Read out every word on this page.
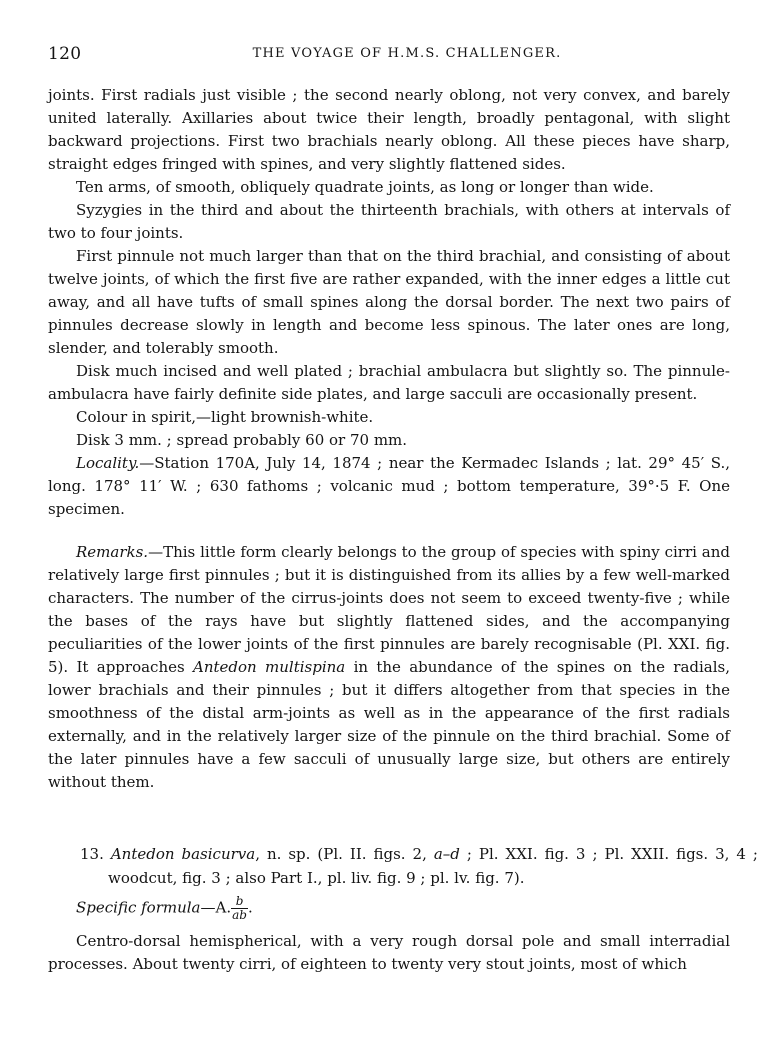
120	THE VOYAGE OF H.M.S. CHALLENGER.

joints. First radials just visible ; the second nearly oblong, not very convex, and barely united laterally. Axillaries about twice their length, broadly pentagonal, with slight backward projections. First two brachials nearly oblong. All these pieces have sharp, straight edges fringed with spines, and very slightly flattened sides.

Ten arms, of smooth, obliquely quadrate joints, as long or longer than wide.

Syzygies in the third and about the thirteenth brachials, with others at intervals of two to four joints.

First pinnule not much larger than that on the third brachial, and consisting of about twelve joints, of which the first five are rather expanded, with the inner edges a little cut away, and all have tufts of small spines along the dorsal border. The next two pairs of pinnules decrease slowly in length and become less spinous. The later ones are long, slender, and tolerably smooth.

Disk much incised and well plated ; brachial ambulacra but slightly so. The pinnule-ambulacra have fairly definite side plates, and large sacculi are occasionally present.

Colour in spirit,—light brownish-white.

Disk 3 mm. ; spread probably 60 or 70 mm.

Locality.—Station 170A, July 14, 1874 ; near the Kermadec Islands ; lat. 29° 45′ S., long. 178° 11′ W. ; 630 fathoms ; volcanic mud ; bottom temperature, 39°·5 F. One specimen.

Remarks.—This little form clearly belongs to the group of species with spiny cirri and relatively large first pinnules ; but it is distinguished from its allies by a few well-marked characters. The number of the cirrus-joints does not seem to exceed twenty-five ; while the bases of the rays have but slightly flattened sides, and the accompanying peculiarities of the lower joints of the first pinnules are barely recognisable (Pl. XXI. fig. 5). It approaches Antedon multispina in the abundance of the spines on the radials, lower brachials and their pinnules ; but it differs altogether from that species in the smoothness of the distal arm-joints as well as in the appearance of the first radials externally, and in the relatively larger size of the pinnule on the third brachial. Some of the later pinnules have a few sacculi of unusually large size, but others are entirely without them.

13. Antedon basicurva, n. sp. (Pl. II. figs. 2, a–d ; Pl. XXI. fig. 3 ; Pl. XXII. figs. 3, 4 ; woodcut, fig. 3 ; also Part I., pl. liv. fig. 9 ; pl. lv. fig. 7).
Specific formula—A. $\frac{b}{ab}$ .

Centro-dorsal hemispherical, with a very rough dorsal pole and small interradial processes. About twenty cirri, of eighteen to twenty very stout joints, most of which
